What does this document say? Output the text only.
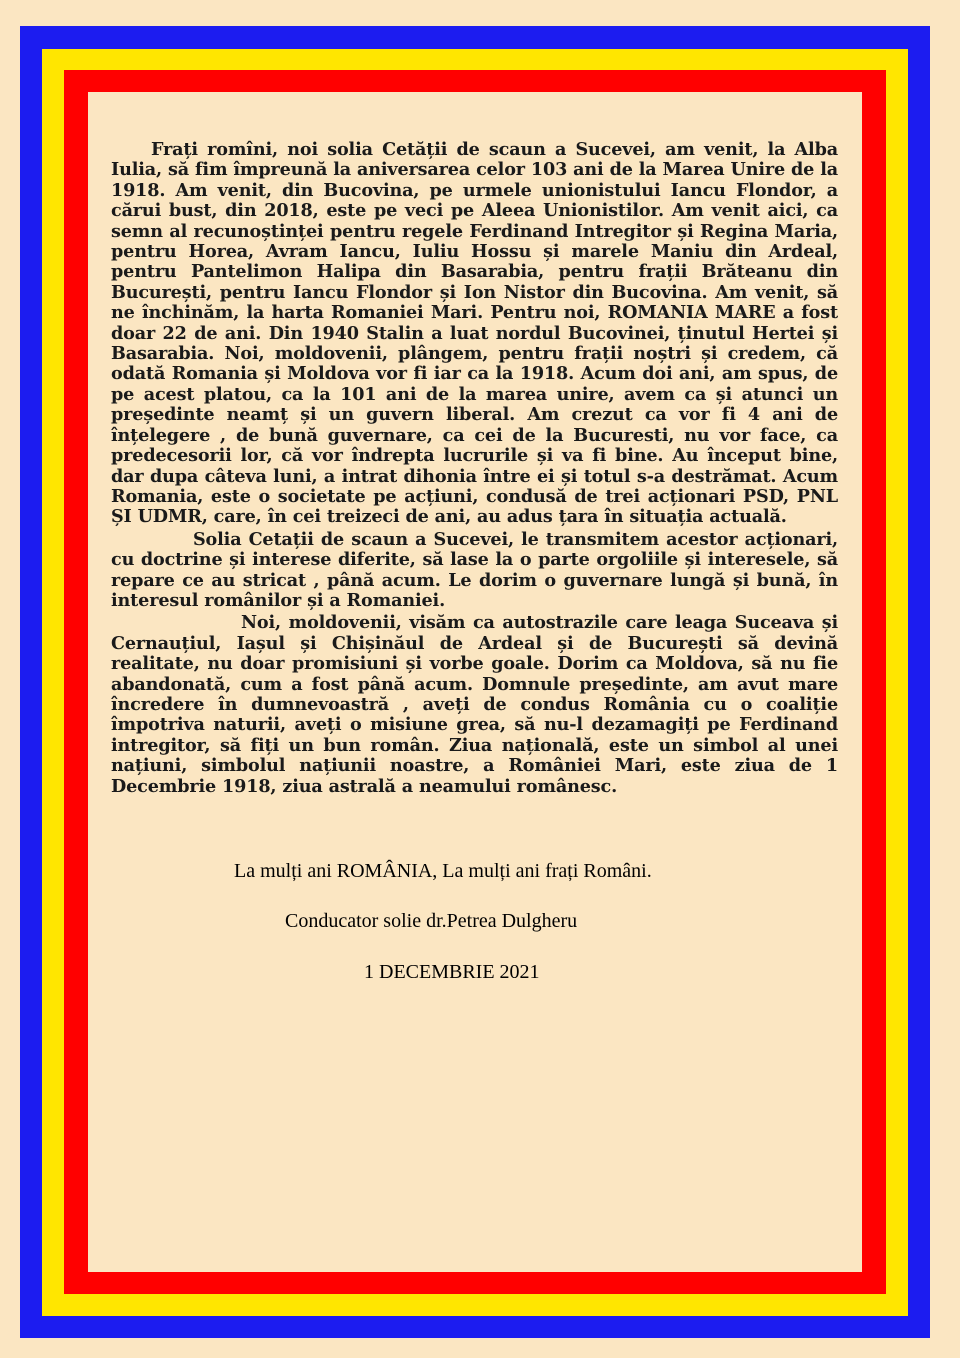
Frați romîni, noi solia Cetății de scaun a Sucevei, am venit, la Alba Iulia, să fim împreună la aniversarea celor 103 ani de la Marea Unire de la 1918. Am venit, din Bucovina, pe urmele unionistului Iancu Flondor, a cărui bust, din 2018, este pe veci pe Aleea Unionistilor. Am venit aici, ca semn al recunoștinței pentru regele Ferdinand Intregitor și Regina Maria, pentru Horea, Avram Iancu, Iuliu Hossu și marele Maniu din Ardeal, pentru Pantelimon Halipa din Basarabia, pentru frații Brăteanu din București, pentru Iancu Flondor și Ion Nistor din Bucovina. Am venit, să ne închinăm, la harta Romaniei Mari. Pentru noi, ROMANIA MARE a fost doar 22 de ani. Din 1940 Stalin a luat nordul Bucovinei, ținutul Hertei și Basarabia. Noi, moldovenii, plângem, pentru frații noștri și credem, că odată Romania și Moldova vor fi iar ca la 1918. Acum doi ani, am spus, de pe acest platou, ca la 101 ani de la marea unire, avem ca și atunci un președinte neamț și un guvern liberal. Am crezut ca vor fi 4 ani de înțelegere , de bună guvernare, ca cei de la Bucuresti, nu vor face, ca predecesorii lor, că vor îndrepta lucrurile și va fi bine. Au început bine, dar dupa câteva luni, a intrat dihonia între ei și totul s-a destrămat. Acum Romania, este o societate pe acțiuni, condusă de trei acționari PSD, PNL ȘI UDMR, care, în cei treizeci de ani, au adus țara în situația actuală.

Solia Cetații de scaun a Sucevei, le transmitem acestor acționari, cu doctrine și interese diferite, să lase la o parte orgoliile și interesele, să repare ce au stricat , până acum. Le dorim o guvernare lungă și bună, în interesul românilor și a Romaniei.

Noi, moldovenii, visăm ca autostrazile care leaga Suceava și Cernauțiul, Iașul și Chișinăul de Ardeal și de București să devină realitate, nu doar promisiuni și vorbe goale. Dorim ca Moldova, să nu fie abandonată, cum a fost până acum. Domnule președinte, am avut mare încredere în dumnevoastră , aveți de condus România cu o coaliție împotriva naturii, aveți o misiune grea, să nu-l dezamagiți pe Ferdinand intregitor, să fiți un bun român. Ziua națională, este un simbol al unei națiuni, simbolul națiunii noastre, a României Mari, este ziua de 1 Decembrie 1918, ziua astrală a neamului românesc.

La mulți ani ROMÂNIA, La mulți ani frați Români.

Conducator solie dr.Petrea Dulgheru

1 DECEMBRIE 2021
